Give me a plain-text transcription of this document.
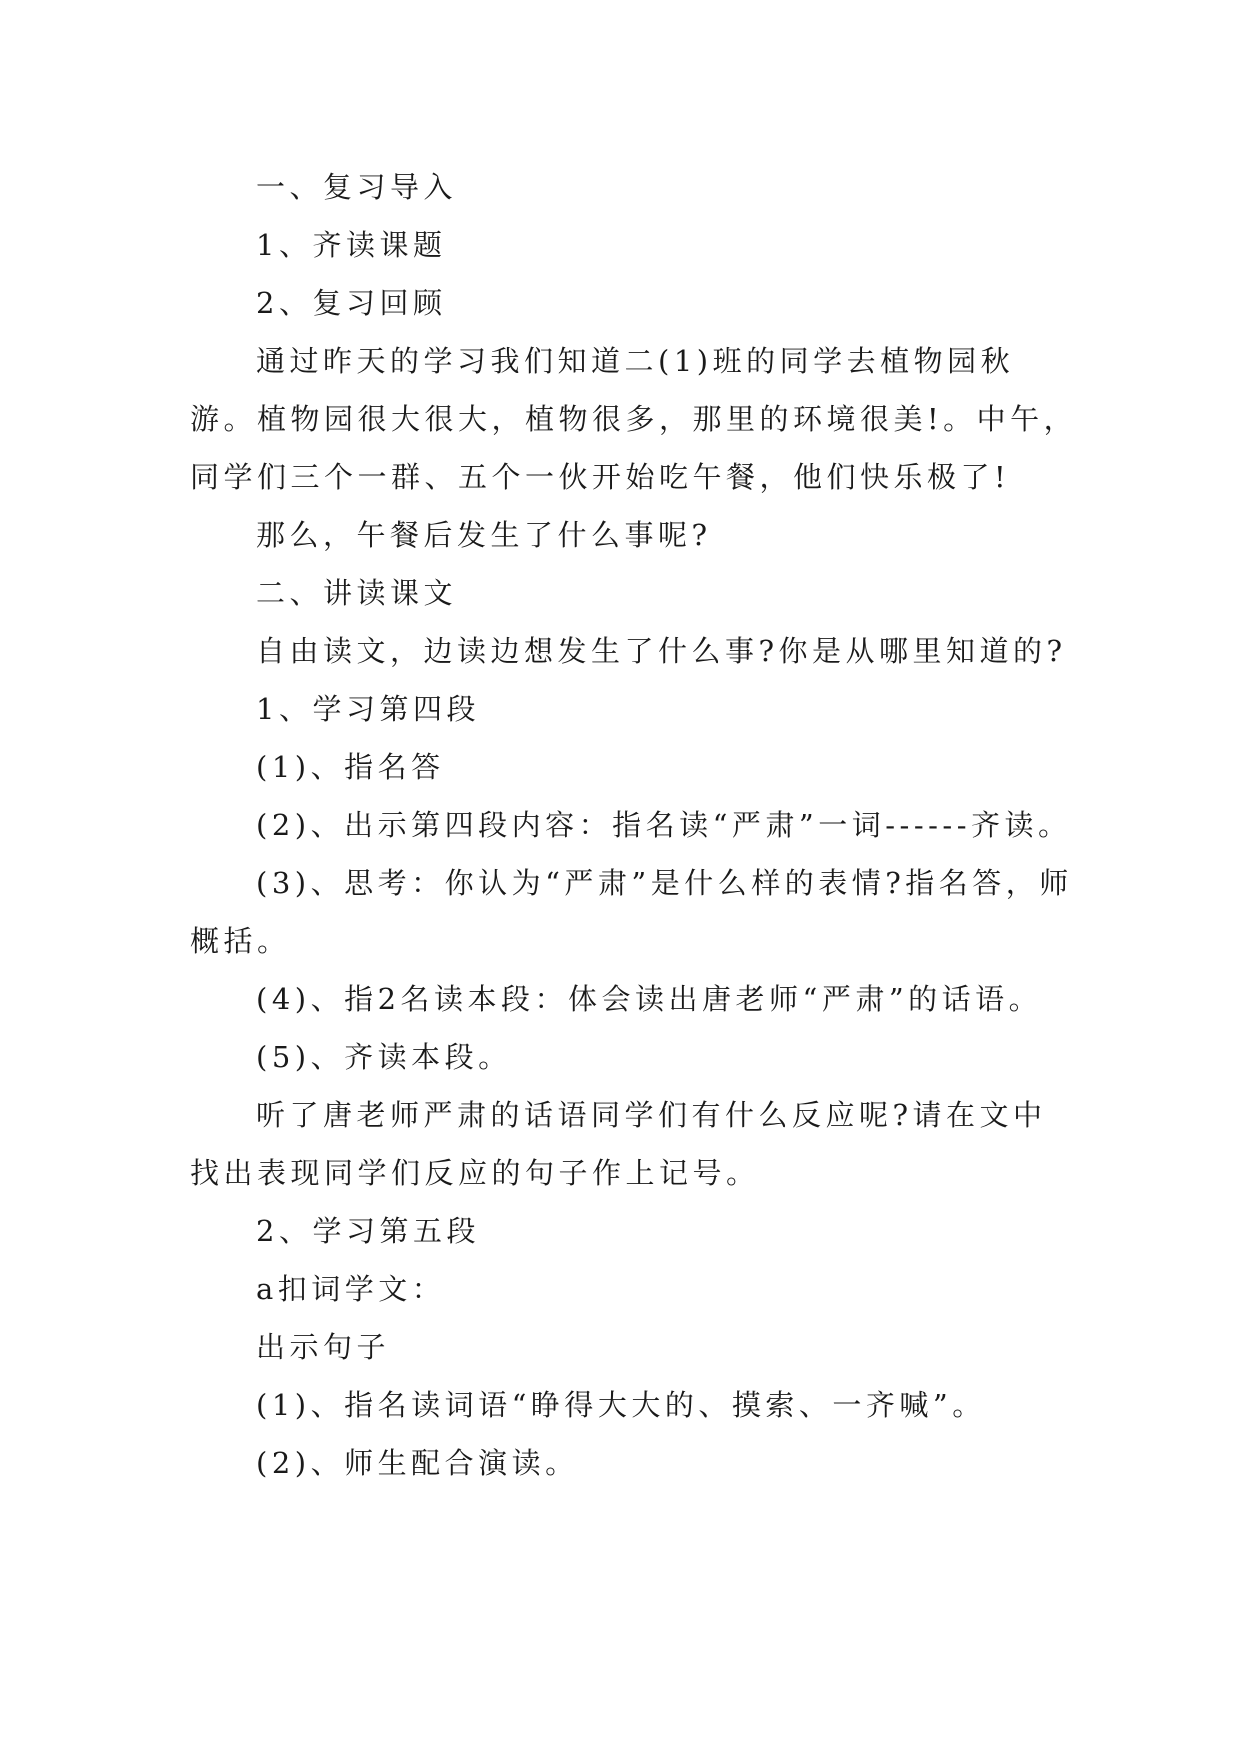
一、复习导入

1、齐读课题

2、复习回顾

通过昨天的学习我们知道二(1)班的同学去植物园秋游。植物园很大很大，植物很多，那里的环境很美!。中午，同学们三个一群、五个一伙开始吃午餐，他们快乐极了!

那么，午餐后发生了什么事呢?

二、讲读课文

自由读文，边读边想发生了什么事?你是从哪里知道的?

1、学习第四段

(1)、指名答

(2)、出示第四段内容：指名读“严肃”一词------齐读。

(3)、思考：你认为“严肃”是什么样的表情?指名答，师概括。

(4)、指2名读本段：体会读出唐老师“严肃”的话语。

(5)、齐读本段。

听了唐老师严肃的话语同学们有什么反应呢?请在文中找出表现同学们反应的句子作上记号。

2、学习第五段

a扣词学文：

出示句子

(1)、指名读词语“睁得大大的、摸索、一齐喊”。

(2)、师生配合演读。
